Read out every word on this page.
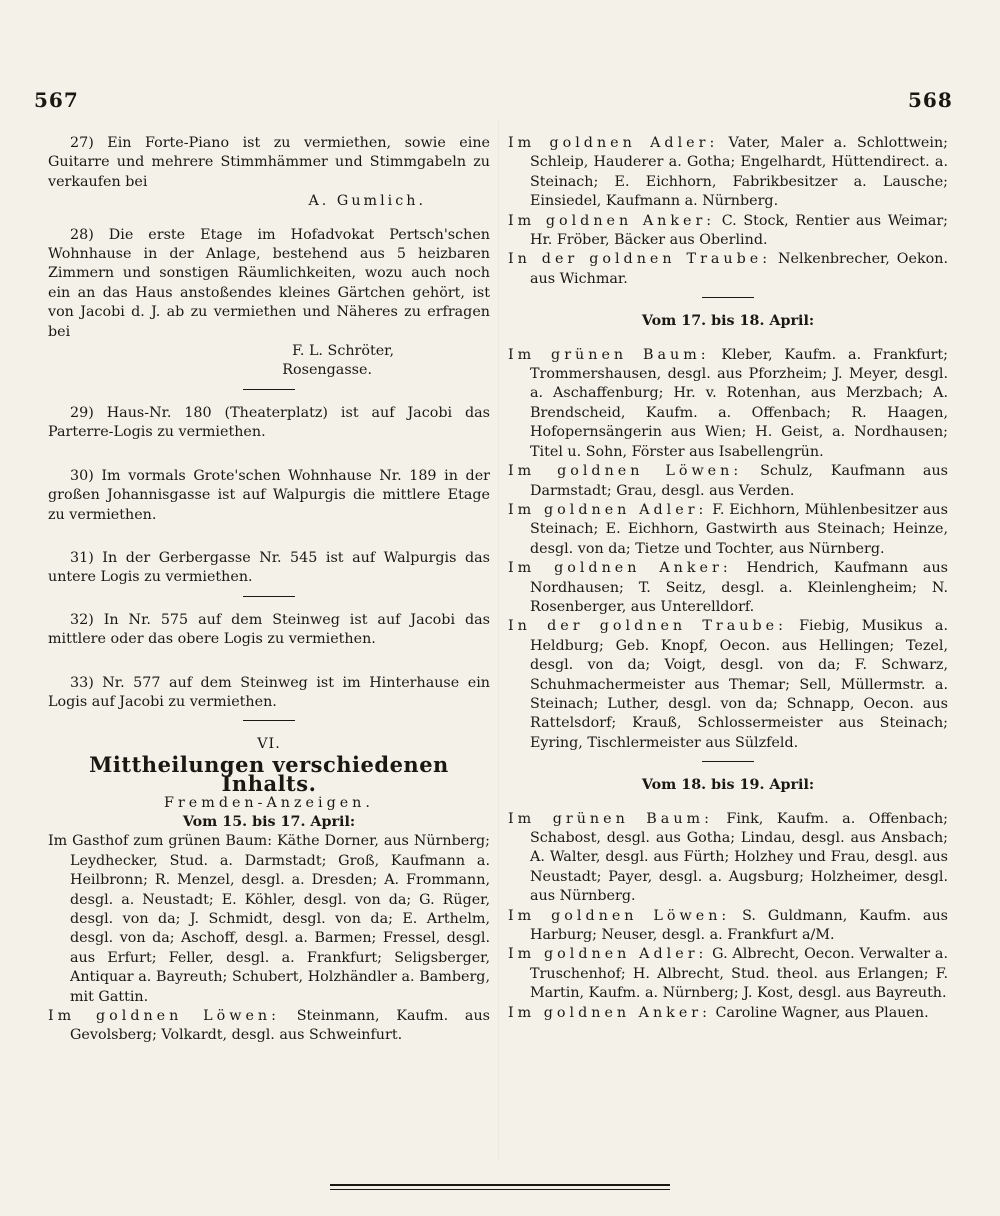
567	568

27) Ein Forte-Piano ist zu vermiethen, sowie eine Guitarre und mehrere Stimmhämmer und Stimmgabeln zu verkaufen bei

A. Gumlich.

28) Die erste Etage im Hofadvokat Pertsch'schen Wohnhause in der Anlage, bestehend aus 5 heizbaren Zimmern und sonstigen Räumlichkeiten, wozu auch noch ein an das Haus anstoßendes kleines Gärtchen gehört, ist von Jacobi d. J. ab zu vermiethen und Näheres zu erfragen bei

F. L. Schröter,

Rosengasse.

29) Haus-Nr. 180 (Theaterplatz) ist auf Jacobi das Parterre-Logis zu vermiethen.

30) Im vormals Grote'schen Wohnhause Nr. 189 in der großen Johannisgasse ist auf Walpurgis die mittlere Etage zu vermiethen.

31) In der Gerbergasse Nr. 545 ist auf Walpurgis das untere Logis zu vermiethen.

32) In Nr. 575 auf dem Steinweg ist auf Jacobi das mittlere oder das obere Logis zu vermiethen.

33) Nr. 577 auf dem Steinweg ist im Hinterhause ein Logis auf Jacobi zu vermiethen.

VI.

Mittheilungen verschiedenen Inhalts.

Fremden-Anzeigen.

Vom 15. bis 17. April:

Im Gasthof zum grünen Baum: Käthe Dorner, aus Nürnberg; Leydhecker, Stud. a. Darmstadt; Groß, Kaufmann a. Heilbronn; R. Menzel, desgl. a. Dresden; A. Frommann, desgl. a. Neustadt; E. Köhler, desgl. von da; G. Rüger, desgl. von da; J. Schmidt, desgl. von da; E. Arthelm, desgl. von da; Aschoff, desgl. a. Barmen; Fressel, desgl. aus Erfurt; Feller, desgl. a. Frankfurt; Seligsberger, Antiquar a. Bayreuth; Schubert, Holzhändler a. Bamberg, mit Gattin.

Im goldnen Löwen: Steinmann, Kaufm. aus Gevolsberg; Volkardt, desgl. aus Schweinfurt.

Im goldnen Adler: Vater, Maler a. Schlottwein; Schleip, Hauderer a. Gotha; Engelhardt, Hüttendirect. a. Steinach; E. Eichhorn, Fabrikbesitzer a. Lausche; Einsiedel, Kaufmann a. Nürnberg.

Im goldnen Anker: C. Stock, Rentier aus Weimar; Hr. Fröber, Bäcker aus Oberlind.

In der goldnen Traube: Nelkenbrecher, Oekon. aus Wichmar.

Vom 17. bis 18. April:

Im grünen Baum: Kleber, Kaufm. a. Frankfurt; Trommershausen, desgl. aus Pforzheim; J. Meyer, desgl. a. Aschaffenburg; Hr. v. Rotenhan, aus Merzbach; A. Brendscheid, Kaufm. a. Offenbach; R. Haagen, Hofopernsängerin aus Wien; H. Geist, a. Nordhausen; Titel u. Sohn, Förster aus Isabellengrün.

Im goldnen Löwen: Schulz, Kaufmann aus Darmstadt; Grau, desgl. aus Verden.

Im goldnen Adler: F. Eichhorn, Mühlenbesitzer aus Steinach; E. Eichhorn, Gastwirth aus Steinach; Heinze, desgl. von da; Tietze und Tochter, aus Nürnberg.

Im goldnen Anker: Hendrich, Kaufmann aus Nordhausen; T. Seitz, desgl. a. Kleinlengheim; N. Rosenberger, aus Unterelldorf.

In der goldnen Traube: Fiebig, Musikus a. Heldburg; Geb. Knopf, Oecon. aus Hellingen; Tezel, desgl. von da; Voigt, desgl. von da; F. Schwarz, Schuhmachermeister aus Themar; Sell, Müllermstr. a. Steinach; Luther, desgl. von da; Schnapp, Oecon. aus Rattelsdorf; Krauß, Schlossermeister aus Steinach; Eyring, Tischlermeister aus Sülzfeld.

Vom 18. bis 19. April:

Im grünen Baum: Fink, Kaufm. a. Offenbach; Schabost, desgl. aus Gotha; Lindau, desgl. aus Ansbach; A. Walter, desgl. aus Fürth; Holzhey und Frau, desgl. aus Neustadt; Payer, desgl. a. Augsburg; Holzheimer, desgl. aus Nürnberg.

Im goldnen Löwen: S. Guldmann, Kaufm. aus Harburg; Neuser, desgl. a. Frankfurt a/M.

Im goldnen Adler: G. Albrecht, Oecon. Verwalter a. Truschenhof; H. Albrecht, Stud. theol. aus Erlangen; F. Martin, Kaufm. a. Nürnberg; J. Kost, desgl. aus Bayreuth.

Im goldnen Anker: Caroline Wagner, aus Plauen.
